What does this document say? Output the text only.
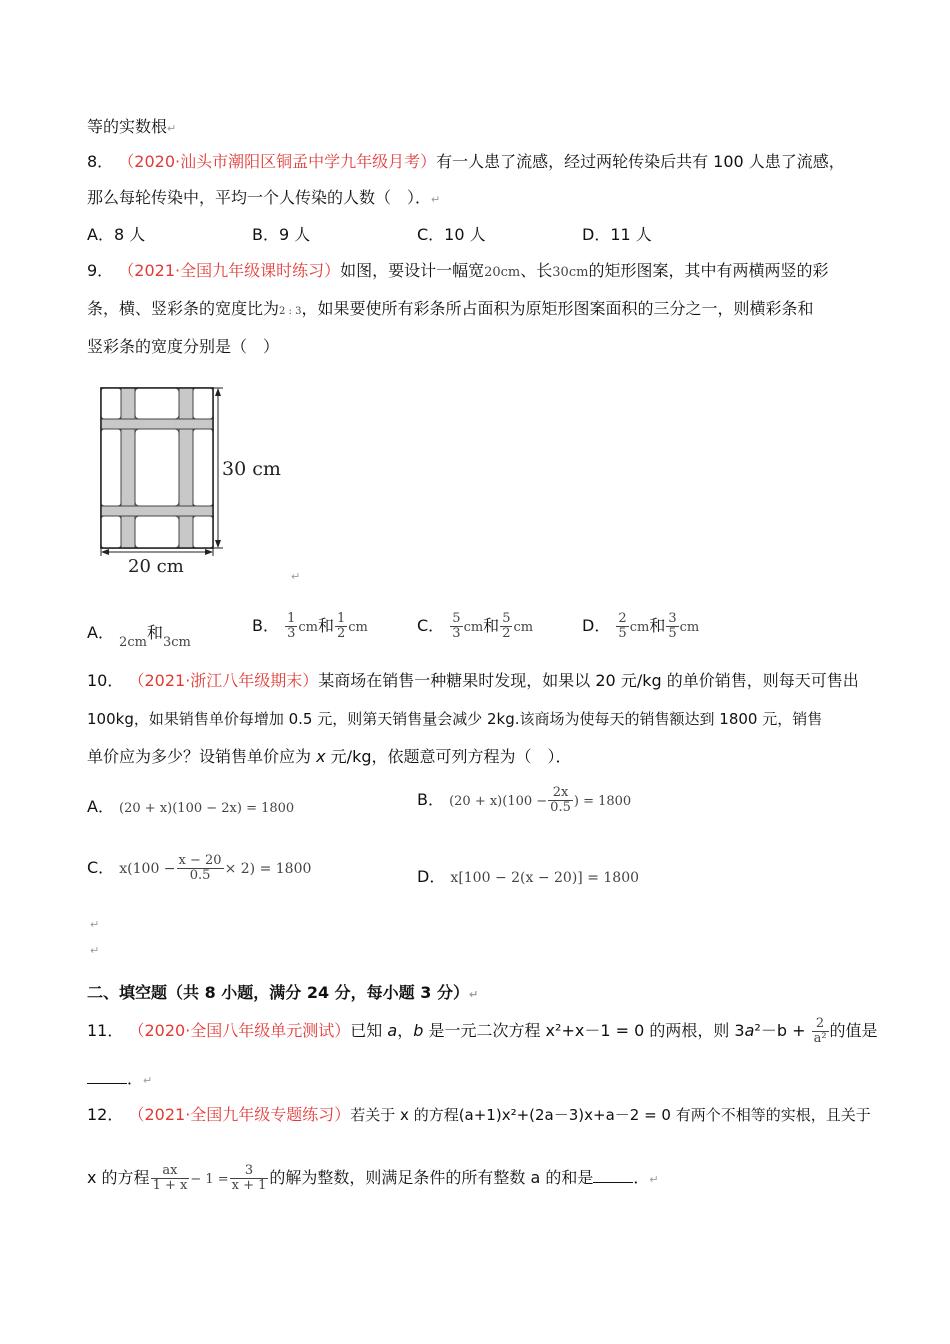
等的实数根↵
8． （2020·汕头市潮阳区铜孟中学九年级月考）有一人患了流感，经过两轮传染后共有 100 人患了流感，
那么每轮传染中，平均一个人传染的人数（　）．↵
A．8 人	B．9 人	C．10 人	D．11 人
9． （2021·全国九年级课时练习）如图，要设计一幅宽20cm、长30cm的矩形图案，其中有两横两竖的彩
条，横、竖彩条的宽度比为2 : 3，如果要使所有彩条所占面积为原矩形图案面积的三分之一，则横彩条和
竖彩条的宽度分别是（　）
30 cm
20 cm	↵
A． $_{2cm}$和$_{3cm}$
B． $\frac{1}{3}$ cm和 $\frac{1}{2}$ cm	C． $\frac{5}{3}$ cm和 $\frac{5}{2}$ cm	D． $\frac{2}{5}$ cm和 $\frac{3}{5}$ cm
10． （2021·浙江八年级期末）某商场在销售一种糖果时发现，如果以 20 元/kg 的单价销售，则每天可售出
100kg，如果销售单价每增加 0.5 元，则第天销售量会减少 2kg.该商场为使每天的销售额达到 1800 元，销售
单价应为多少？设销售单价应为 x 元/kg，依题意可列方程为（　）．
A． (20 + x)(100 − 2x) = 1800	B． $(20 + x)(100 - \frac{2x}{0.5}$ ) = 1800
C． $x(100 - \frac{x - 20}{0.5} \times 2) = 1800$	D． x[100 − 2(x − 20)] = 1800
↵
↵
二、填空题（共 8 小题，满分 24 分，每小题 3 分）↵
11． （2020·全国八年级单元测试）已知 a，b 是一元二次方程 x²+x－1 = 0 的两根，则 $3a^2-b + \frac{2}{\text{a²}}$ 的值是
．↵
12． （2021·全国九年级专题练习）若关于 x 的方程(a+1)x²+(2a－3)x+a－2 = 0 有两个不相等的实根，且关于
x 的方程 $\frac{ax}{1 + x} - 1 = \frac{3}{x + 1}$ 的解为整数，则满足条件的所有整数 a 的和是	．↵
